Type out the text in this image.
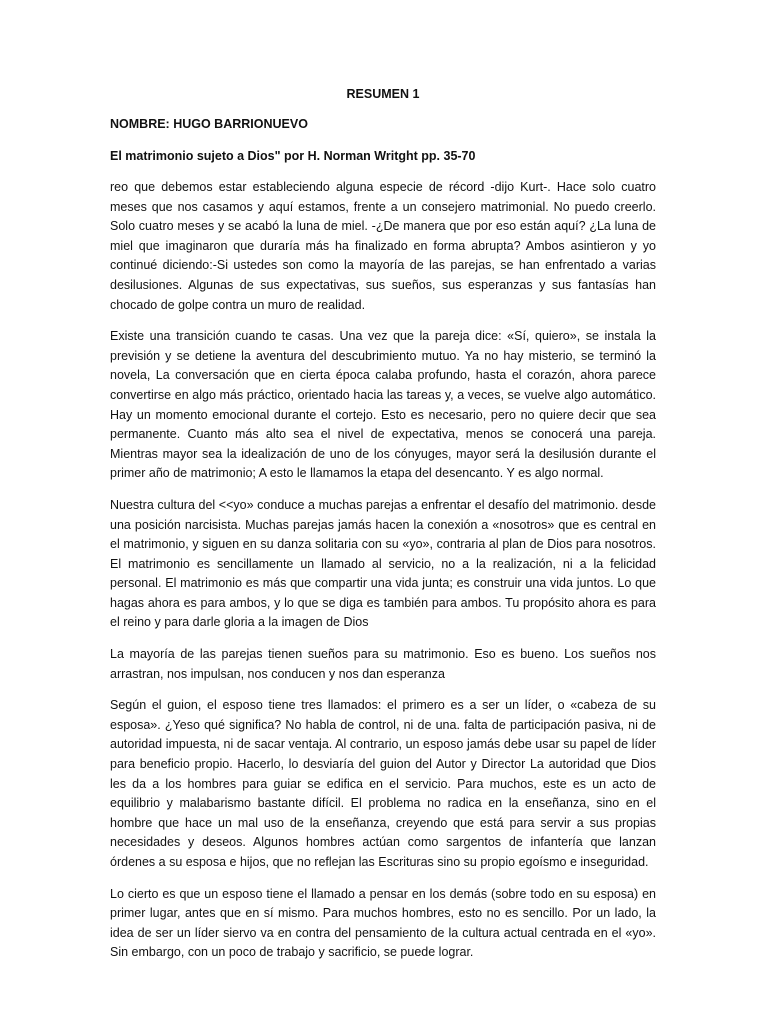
RESUMEN 1
NOMBRE: HUGO BARRIONUEVO
El matrimonio sujeto a Dios" por H. Norman Writght pp. 35-70

reo que debemos estar estableciendo alguna especie de récord -dijo Kurt-. Hace solo cuatro meses que nos casamos y aquí estamos, frente a un consejero matrimonial. No puedo creerlo. Solo cuatro meses y se acabó la luna de miel. -¿De manera que por eso están aquí? ¿La luna de miel que imaginaron que duraría más ha finalizado en forma abrupta? Ambos asintieron y yo continué diciendo:-Si ustedes son como la mayoría de las parejas, se han enfrentado a varias desilusiones. Algunas de sus expectativas, sus sueños, sus esperanzas y sus fantasías han chocado de golpe contra un muro de realidad.

Existe una transición cuando te casas. Una vez que la pareja dice: «Sí, quiero», se instala la previsión y se detiene la aventura del descubrimiento mutuo. Ya no hay misterio, se terminó la novela, La conversación que en cierta época calaba profundo, hasta el corazón, ahora parece convertirse en algo más práctico, orientado hacia las tareas y, a veces, se vuelve algo automático. Hay un momento emocional durante el cortejo. Esto es necesario, pero no quiere decir que sea permanente. Cuanto más alto sea el nivel de expectativa, menos se conocerá una pareja. Mientras mayor sea la idealización de uno de los cónyuges, mayor será la desilusión durante el primer año de matrimonio; A esto le llamamos la etapa del desencanto. Y es algo normal.

Nuestra cultura del <<yo» conduce a muchas parejas a enfrentar el desafío del matrimonio. desde una posición narcisista. Muchas parejas jamás hacen la conexión a «nosotros» que es central en el matrimonio, y siguen en su danza solitaria con su «yo», contraria al plan de Dios para nosotros. El matrimonio es sencillamente un llamado al servicio, no a la realización, ni a la felicidad personal. El matrimonio es más que compartir una vida junta; es construir una vida juntos. Lo que hagas ahora es para ambos, y lo que se diga es también para ambos. Tu propósito ahora es para el reino y para darle gloria a la imagen de Dios

La mayoría de las parejas tienen sueños para su matrimonio. Eso es bueno. Los sueños nos arrastran, nos impulsan, nos conducen y nos dan esperanza

Según el guion, el esposo tiene tres llamados: el primero es a ser un líder, o «cabeza de su esposa». ¿Yeso qué significa? No habla de control, ni de una. falta de participación pasiva, ni de autoridad impuesta, ni de sacar ventaja. Al contrario, un esposo jamás debe usar su papel de líder para beneficio propio. Hacerlo, lo desviaría del guion del Autor y Director La autoridad que Dios les da a los hombres para guiar se edifica en el servicio. Para muchos, este es un acto de equilibrio y malabarismo bastante difícil. El problema no radica en la enseñanza, sino en el hombre que hace un mal uso de la enseñanza, creyendo que está para servir a sus propias necesidades y deseos. Algunos hombres actúan como sargentos de infantería que lanzan órdenes a su esposa e hijos, que no reflejan las Escrituras sino su propio egoísmo e inseguridad.

Lo cierto es que un esposo tiene el llamado a pensar en los demás (sobre todo en su esposa) en primer lugar, antes que en sí mismo. Para muchos hombres, esto no es sencillo. Por un lado, la idea de ser un líder siervo va en contra del pensamiento de la cultura actual centrada en el «yo». Sin embargo, con un poco de trabajo y sacrificio, se puede lograr.
